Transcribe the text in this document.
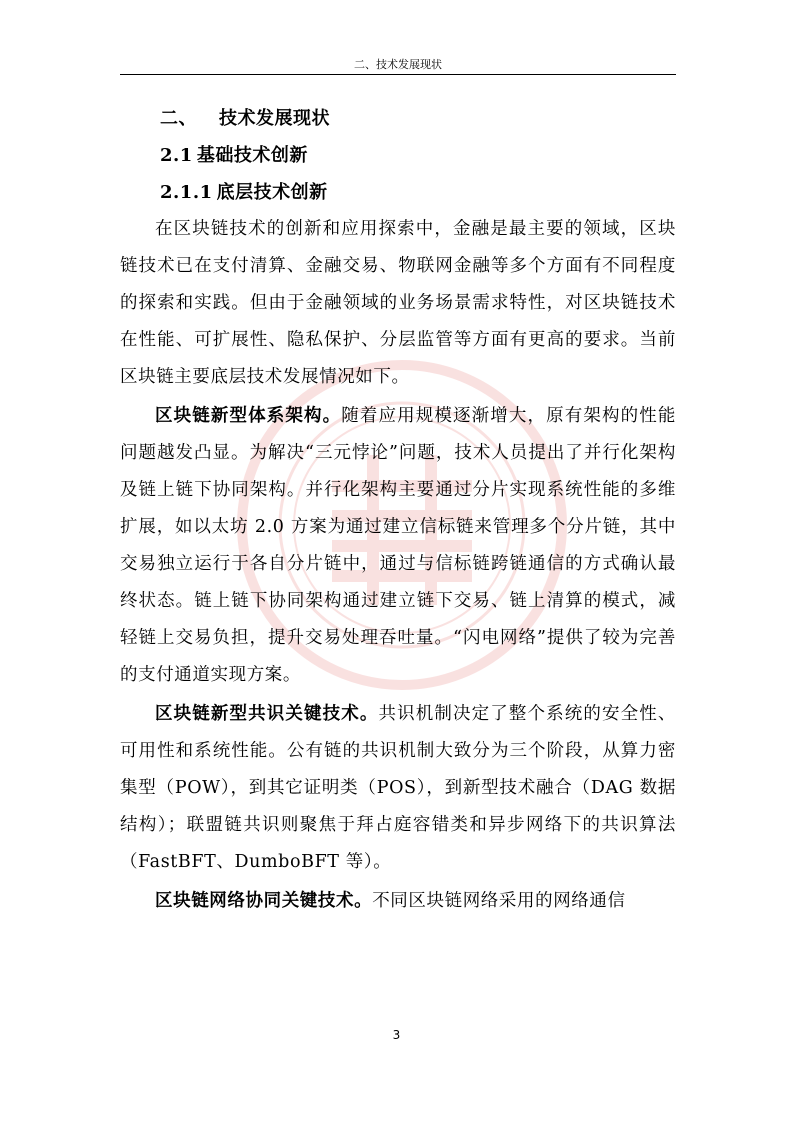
二、技术发展现状
二、 技术发展现状
2.1 基础技术创新
2.1.1 底层技术创新

在区块链技术的创新和应用探索中，金融是最主要的领域，区块链技术已在支付清算、金融交易、物联网金融等多个方面有不同程度的探索和实践。但由于金融领域的业务场景需求特性，对区块链技术在性能、可扩展性、隐私保护、分层监管等方面有更高的要求。当前区块链主要底层技术发展情况如下。

区块链新型体系架构。随着应用规模逐渐增大，原有架构的性能问题越发凸显。为解决“三元悖论”问题，技术人员提出了并行化架构及链上链下协同架构。并行化架构主要通过分片实现系统性能的多维扩展，如以太坊 2.0 方案为通过建立信标链来管理多个分片链，其中交易独立运行于各自分片链中，通过与信标链跨链通信的方式确认最终状态。链上链下协同架构通过建立链下交易、链上清算的模式，减轻链上交易负担，提升交易处理吞吐量。“闪电网络”提供了较为完善的支付通道实现方案。

区块链新型共识关键技术。共识机制决定了整个系统的安全性、可用性和系统性能。公有链的共识机制大致分为三个阶段，从算力密集型（POW），到其它证明类（POS），到新型技术融合（DAG 数据结构）；联盟链共识则聚焦于拜占庭容错类和异步网络下的共识算法（FastBFT、DumboBFT 等）。

区块链网络协同关键技术。不同区块链网络采用的网络通信

3
